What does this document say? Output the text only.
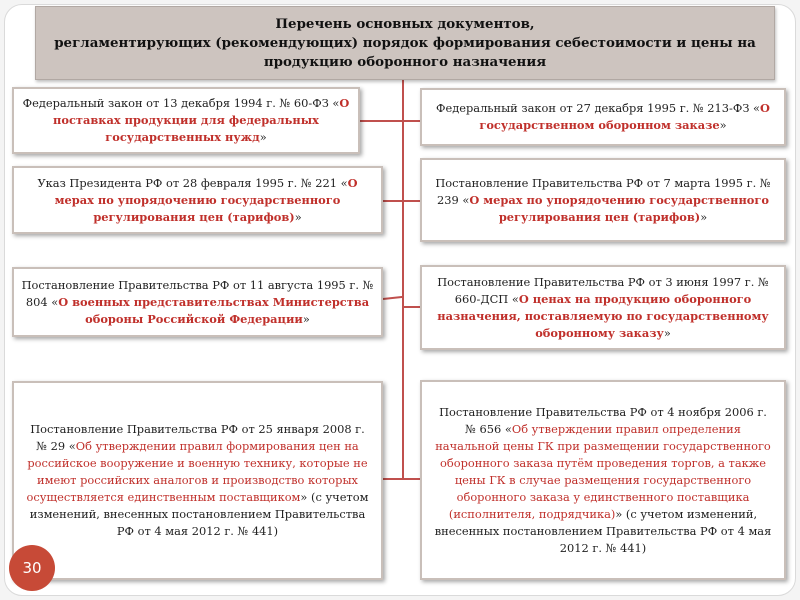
Перечень основных документов,
регламентирующих (рекомендующих) порядок формирования себестоимости и цены на
продукцию оборонного назначения
Федеральный закон от 13 декабря 1994 г. № 60-ФЗ «О поставках продукции для федеральных государственных нужд»
Указ Президента РФ от 28 февраля 1995 г. № 221 «О мерах по упорядочению государственного регулирования цен (тарифов)»
Постановление Правительства РФ от 11 августа 1995 г. № 804 «О военных представительствах Министерства обороны Российской Федерации»
Постановление Правительства РФ от 25 января 2008 г. № 29 «Об утверждении правил формирования цен на российское вооружение и военную технику, которые не имеют российских аналогов и производство которых осуществляется единственным поставщиком» (с учетом изменений, внесенных постановлением Правительства РФ от 4 мая 2012 г. № 441)
Федеральный закон от 27 декабря 1995 г. № 213-ФЗ «О государственном оборонном заказе»
Постановление Правительства РФ от 7 марта 1995 г. № 239 «О мерах по упорядочению государственного регулирования цен (тарифов)»
Постановление Правительства РФ от 3 июня 1997 г. № 660-ДСП «О ценах на продукцию оборонного назначения, поставляемую по государственному оборонному заказу»
Постановление Правительства РФ от 4 ноября 2006 г. № 656 «Об утверждении правил определения начальной цены ГК при размещении государственного оборонного заказа путём проведения торгов, а также цены ГК в случае размещения государственного оборонного заказа у единственного поставщика (исполнителя, подрядчика)» (с учетом изменений, внесенных постановлением Правительства РФ от 4 мая 2012 г. № 441)
30
